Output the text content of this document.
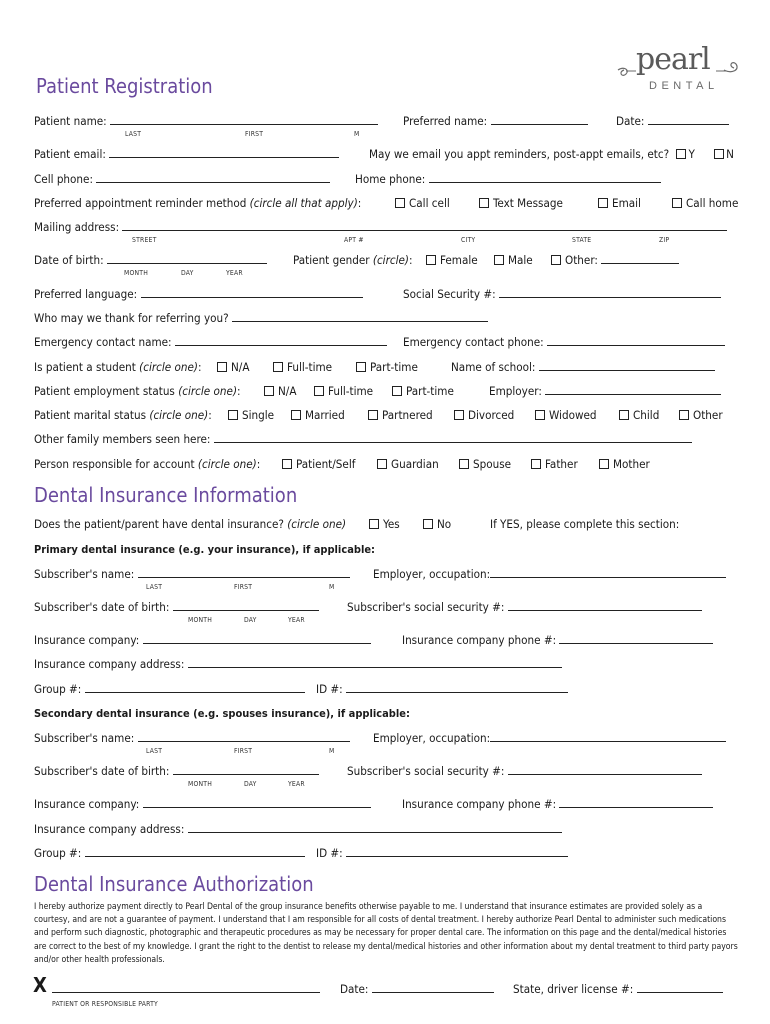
pearl
DENTAL
Patient Registration
Patient name:
LAST	FIRST	M
Preferred name:	Date:
Patient email:	May we email you appt reminders, post-appt emails, etc? Y	N
Cell phone:	Home phone:
Preferred appointment reminder method (circle all that apply):	Call cell	Text Message	Email	Call home
Mailing address:
STREET	APT #	CITY	STATE	ZIP
Date of birth:
MONTH	DAY	YEAR
Patient gender (circle):	Female	Male	Other:
Preferred language:	Social Security #:
Who may we thank for referring you?
Emergency contact name:	Emergency contact phone:
Is patient a student (circle one):	N/A	Full-time	Part-time	Name of school:
Patient employment status (circle one):	N/A	Full-time	Part-time	Employer:
Patient marital status (circle one):	Single	Married	Partnered	Divorced	Widowed	Child	Other
Other family members seen here:
Person responsible for account (circle one):	Patient/Self	Guardian	Spouse	Father	Mother
Dental Insurance Information
Does the patient/parent have dental insurance? (circle one)	Yes	No	If YES, please complete this section:
Primary dental insurance (e.g. your insurance), if applicable:
Subscriber's name:
LAST	FIRST	M
Employer, occupation:
Subscriber's date of birth:
MONTH	DAY	YEAR
Subscriber's social security #:
Insurance company:	Insurance company phone #:
Insurance company address:
Group #:	ID #:
Secondary dental insurance (e.g. spouses insurance), if applicable:
Subscriber's name:
LAST	FIRST	M
Employer, occupation:
Subscriber's date of birth:
MONTH	DAY	YEAR
Subscriber's social security #:
Insurance company:	Insurance company phone #:
Insurance company address:
Group #:	ID #:
Dental Insurance Authorization
I hereby authorize payment directly to Pearl Dental of the group insurance benefits otherwise payable to me. I understand that insurance estimates are provided solely as a courtesy, and are not a guarantee of payment. I understand that I am responsible for all costs of dental treatment. I hereby authorize Pearl Dental to administer such medications and perform such diagnostic, photographic and therapeutic procedures as may be necessary for proper dental care. The information on this page and the dental/medical histories are correct to the best of my knowledge. I grant the right to the dentist to release my dental/medical histories and other information about my dental treatment to third party payors and/or other health professionals.
X
PATIENT OR RESPONSIBLE PARTY
Date:	State, driver license #:
